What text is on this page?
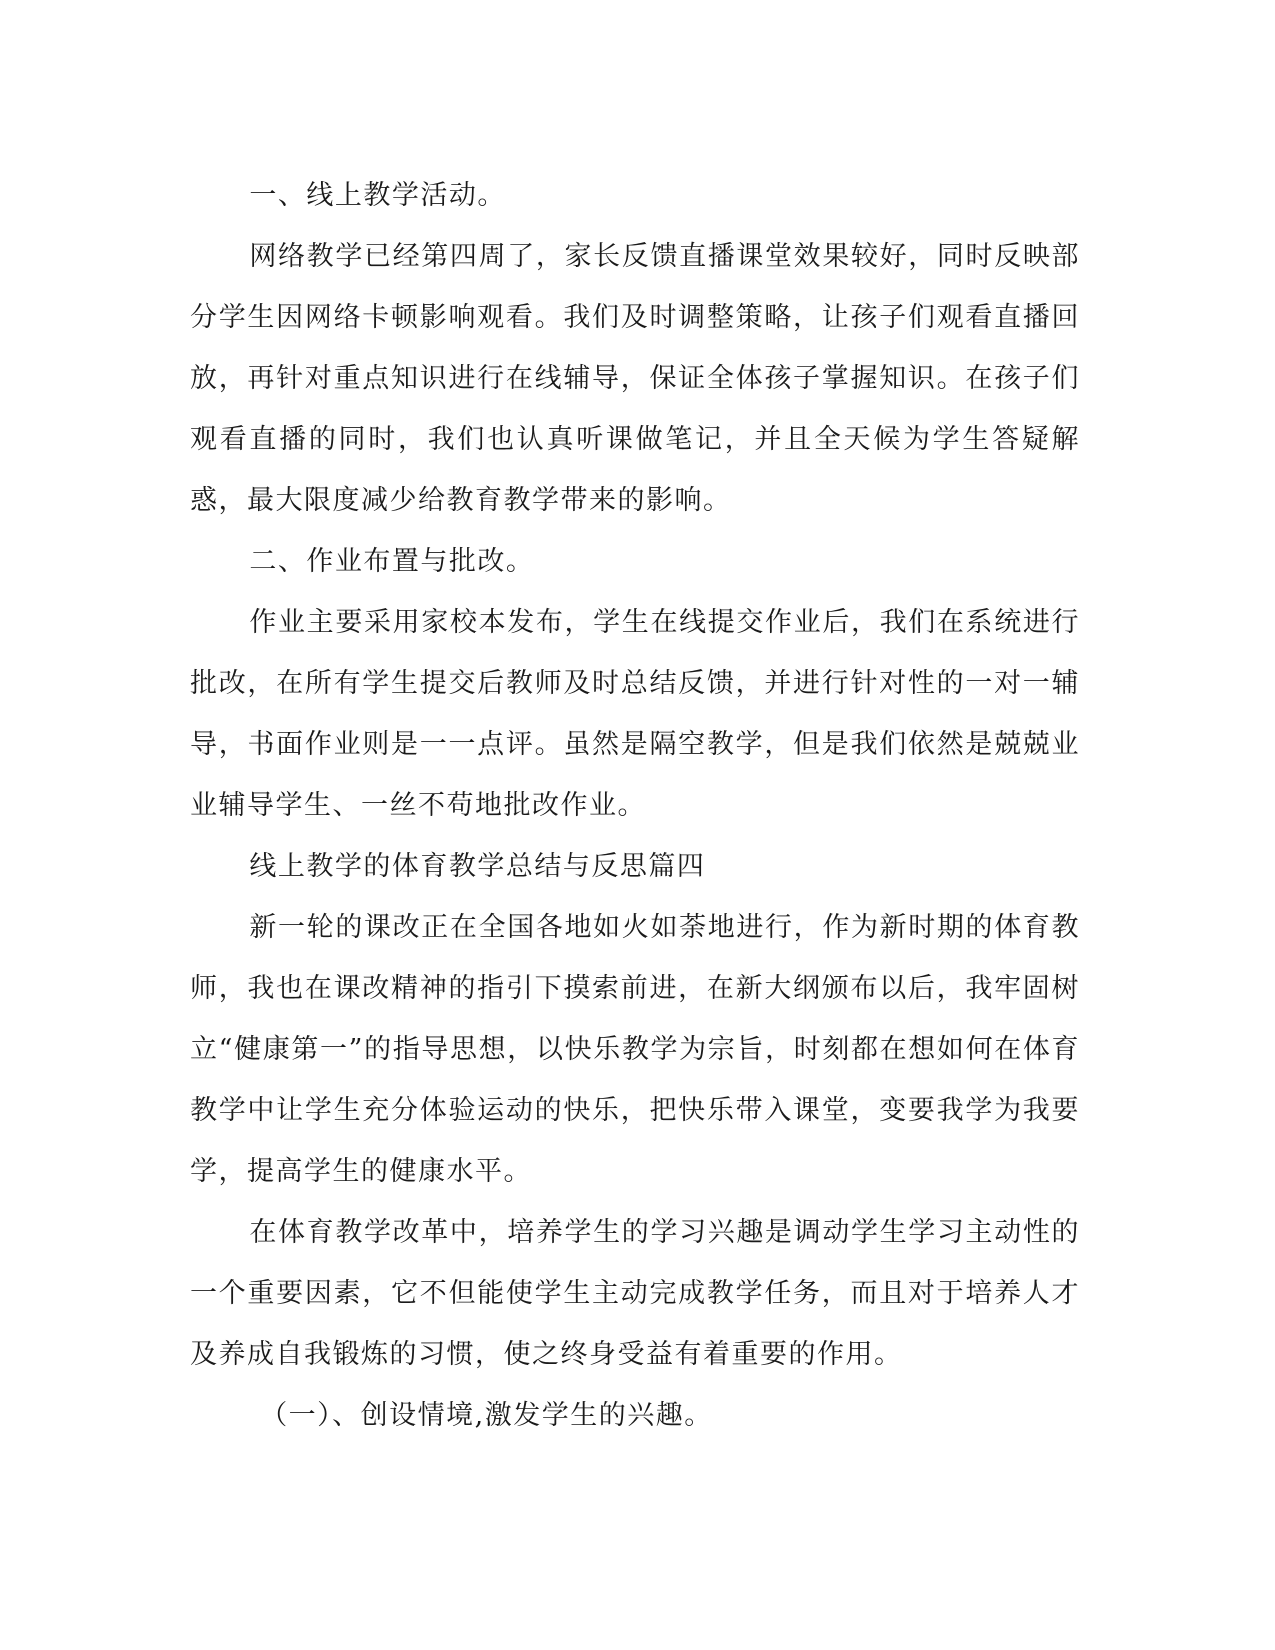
一、线上教学活动。

网络教学已经第四周了，家长反馈直播课堂效果较好，同时反映部分学生因网络卡顿影响观看。我们及时调整策略，让孩子们观看直播回放，再针对重点知识进行在线辅导，保证全体孩子掌握知识。在孩子们观看直播的同时，我们也认真听课做笔记，并且全天候为学生答疑解惑，最大限度减少给教育教学带来的影响。

二、作业布置与批改。

作业主要采用家校本发布，学生在线提交作业后，我们在系统进行批改，在所有学生提交后教师及时总结反馈，并进行针对性的一对一辅导，书面作业则是一一点评。虽然是隔空教学，但是我们依然是兢兢业业辅导学生、一丝不苟地批改作业。

线上教学的体育教学总结与反思篇四

新一轮的课改正在全国各地如火如荼地进行，作为新时期的体育教师，我也在课改精神的指引下摸索前进，在新大纲颁布以后，我牢固树立“健康第一”的指导思想，以快乐教学为宗旨，时刻都在想如何在体育教学中让学生充分体验运动的快乐，把快乐带入课堂，变要我学为我要学，提高学生的健康水平。

在体育教学改革中，培养学生的学习兴趣是调动学生学习主动性的一个重要因素，它不但能使学生主动完成教学任务，而且对于培养人才及养成自我锻炼的习惯，使之终身受益有着重要的作用。

（一）、创设情境,激发学生的兴趣。
